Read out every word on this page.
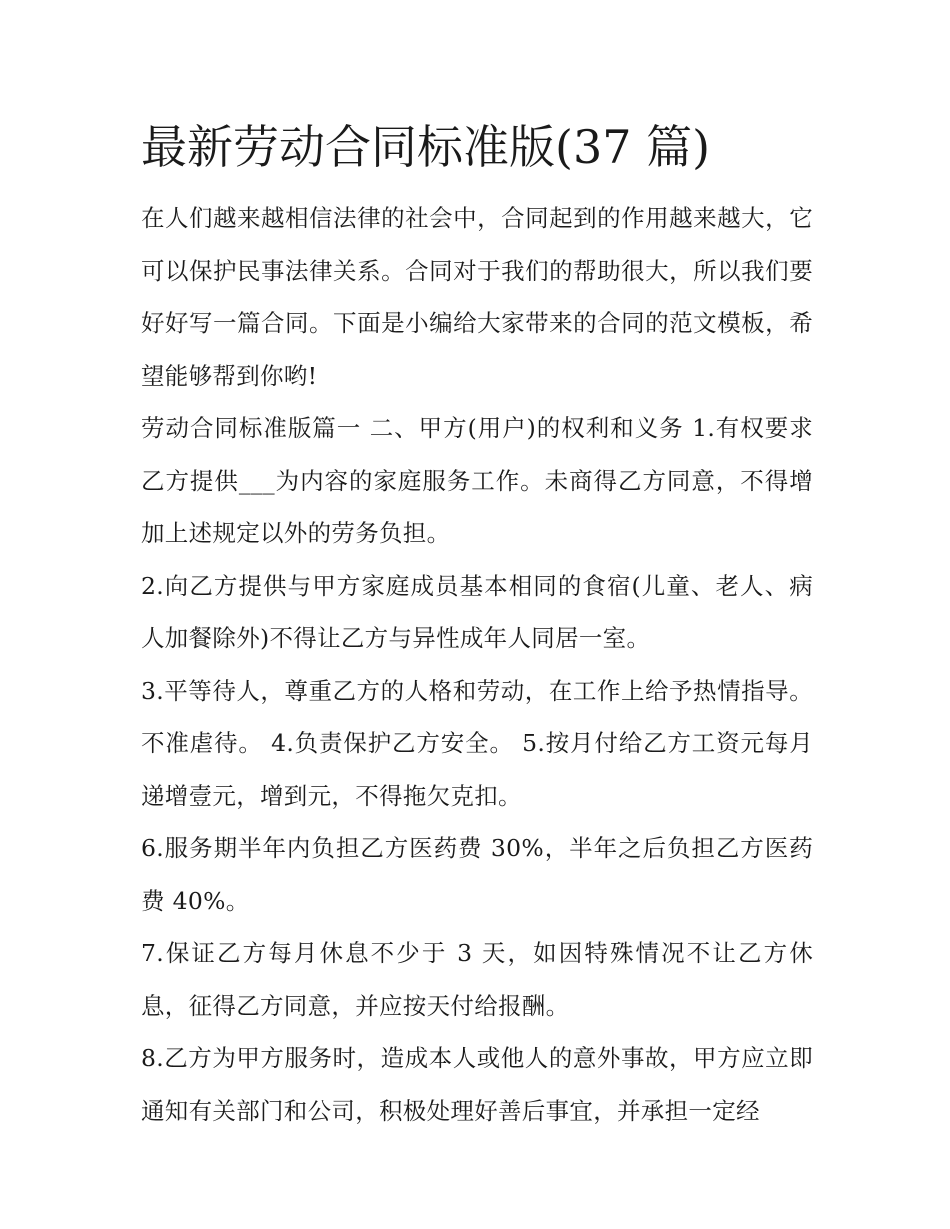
最新劳动合同标准版(37 篇)

在人们越来越相信法律的社会中，合同起到的作用越来越大，它可以保护民事法律关系。合同对于我们的帮助很大，所以我们要好好写一篇合同。下面是小编给大家带来的合同的范文模板，希望能够帮到你哟!

劳动合同标准版篇一 二、甲方(用户)的权利和义务 1.有权要求乙方提供___为内容的家庭服务工作。未商得乙方同意，不得增加上述规定以外的劳务负担。

2.向乙方提供与甲方家庭成员基本相同的食宿(儿童、老人、病人加餐除外)不得让乙方与异性成年人同居一室。

3.平等待人，尊重乙方的人格和劳动，在工作上给予热情指导。不准虐待。 4.负责保护乙方安全。 5.按月付给乙方工资元每月递增壹元，增到元，不得拖欠克扣。

6.服务期半年内负担乙方医药费 30%，半年之后负担乙方医药费 40%。

7.保证乙方每月休息不少于 3 天，如因特殊情况不让乙方休息，征得乙方同意，并应按天付给报酬。

8.乙方为甲方服务时，造成本人或他人的意外事故，甲方应立即通知有关部门和公司，积极处理好善后事宜，并承担一定经
